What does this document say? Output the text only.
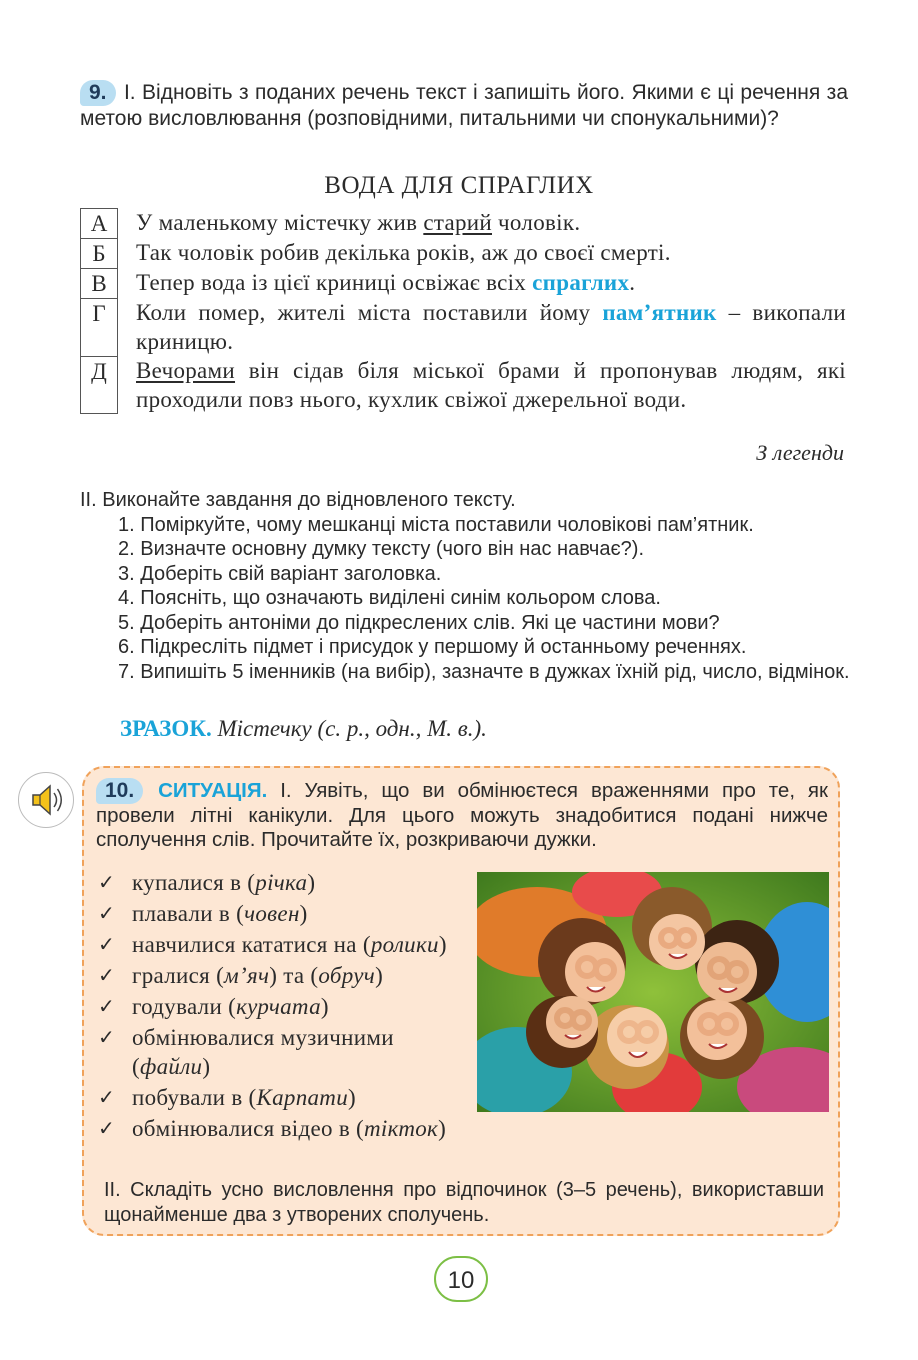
9. І. Відновіть з поданих речень текст і запишіть його. Якими є ці речення за метою висловлювання (розповідними, питальними чи спонукальними)?
ВОДА ДЛЯ СПРАГЛИХ
А	У маленькому містечку жив старий чоловік.
Б	Так чоловік робив декілька років, аж до своєї смерті.
В	Тепер вода із цієї криниці освіжає всіх спраглих.
Г	Коли помер, жителі міста поставили йому пам’ятник – викопали криницю.
Д	Вечорами він сідав біля міської брами й пропонував людям, які проходили повз нього, кухлик свіжої джерельної води.
З легенди
ІІ. Виконайте завдання до відновленого тексту.
1. Поміркуйте, чому мешканці міста поставили чоловікові пам’ятник.
2. Визначте основну думку тексту (чого він нас навчає?).
3. Доберіть свій варіант заголовка.
4. Поясніть, що означають виділені синім кольором слова.
5. Доберіть антоніми до підкреслених слів. Які це частини мови?
6. Підкресліть підмет і присудок у першому й останньому реченнях.
7. Випишіть 5 іменників (на вибір), зазначте в дужках їхній рід, число, відмінок.
ЗРАЗОК. Містечку (с. р., одн., М. в.).
10. СИТУАЦІЯ. І. Уявіть, що ви обмінюєтеся враженнями про те, як провели літні канікули. Для цього можуть знадобитися подані нижче сполучення слів. Прочитайте їх, розкриваючи дужки.
✓ купалися в (річка)
✓ плавали в (човен)
✓ навчилися кататися на (ролики)
✓ гралися (м’яч) та (обруч)
✓ годували (курчата)
✓ обмінювалися музичними (файли)
✓ побували в (Карпати)
✓ обмінювалися відео в (тікток)
ІІ. Складіть усно висловлення про відпочинок (3–5 речень), використавши щонайменше два з утворених сполучень.
10
